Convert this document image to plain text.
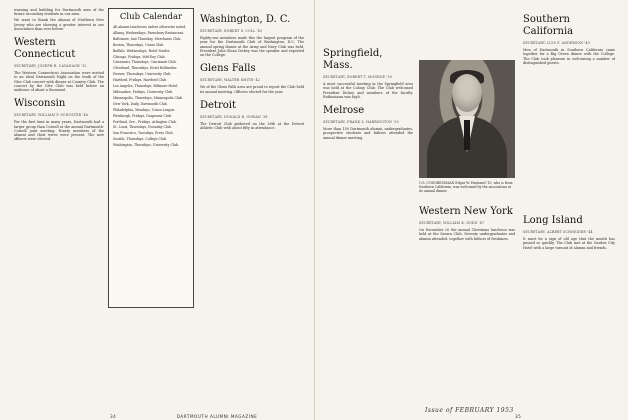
warning and building for Dartmouth men of the future secondary students in our area.

We want to thank the alumni of Northern New Jersey who are showing a greater interest in our Association than ever before.

Western Connecticut
SECRETARY, JOSEPH R. CAVANAGH '32

The Western Connecticut Association were invited to an ideal Dartmouth Night on the tenth of the Glee Club concert with dinner at Country Club. The concert by the Glee Club was held before an audience of about a thousand.

Wisconsin
SECRETARY, WILLIAM P. SCHUSTER '46

For the first time in many years, Dartmouth had a larger group than Cornell at the annual Dartmouth-Cornell joint meeting. Ninety members of the alumni and their wives were present. The new officers were elected.

Club Calendar
All alumni luncheons unless otherwise noted.
Albany, Wednesdays, Farnsbury Restaurant.
Baltimore, last Thursday, Merchants Club.
Boston, Thursdays, Union Club.
Buffalo, Wednesdays, Hotel Statler.
Chicago, Fridays, Mid-Day Club.
Cincinnati, Thursdays, Cincinnati Club.
Cleveland, Thursdays, Hotel Hollenden.
Denver, Thursdays, University Club.
Hartford, Fridays, Hartford Club.
Los Angeles, Thursdays, Biltmore Hotel.
Milwaukee, Fridays, University Club.
Minneapolis, Thursdays, Minneapolis Club.
New York, Daily, Dartmouth Club.
Philadelphia, Mondays, Union League.
Pittsburgh, Fridays, Duquesne Club.
Portland, Ore., Fridays, Arlington Club.
St. Louis, Thursdays, Noonday Club.
San Francisco, Tuesdays, Press Club.
Seattle, Thursdays, College Club.
Washington, Thursdays, University Club.
Washington, D. C.
SECRETARY, ROBERT S. COLL '43

Eighty-one members made this the largest program of the year for the Dartmouth Club of Washington, D.C. The annual spring dinner at the Army and Navy Club was held. President John Sloan Dickey was the speaker and reported on the College.

Glens Falls
SECRETARY, WALTER SMITH '42

We of the Glens Falls area are proud to report the Club held its annual meeting. Officers elected for the year.

Detroit
SECRETARY, DONALD B. GOWAN '38

The Detroit Club gathered on the 28th at the Detroit Athletic Club with about fifty in attendance.

34	DARTMOUTH ALUMNI MAGAZINE
Springfield, Mass.
SECRETARY, ROBERT T. MONROE '50

A most successful meeting in the Springfield area was held at the Colony Club. The Club welcomed President Dickey and members of the faculty. Enthusiasm was high.

Melrose
SECRETARY, FRANK S. HARRINGTON '30

More than 150 Dartmouth alumni, undergraduates, prospective students and fathers attended the annual dinner meeting.

U.S. CONGRESSMAN Edgar W. Hiestand '15, who is from Southern California, was welcomed by the association at its annual dinner.
Western New York
SECRETARY, WILLIAM K. DODD '47

On December 20 the annual Christmas luncheon was held at the Saturn Club. Seventy undergraduates and alumni attended, together with fathers of freshmen.

Southern California
SECRETARY, LUIS F. ANDERSON '49

Men of Dartmouth in Southern California came together for a Big Green dinner with the College. The Club took pleasure in welcoming a number of distinguished guests.

Long Island
SECRETARY, ALBERT SCHNEIDER '44

It must be a sign of old age that the month has passed so quickly. The Club met at the Garden City Hotel with a large turnout of alumni and friends.

Issue of FEBRUARY 1953
35
